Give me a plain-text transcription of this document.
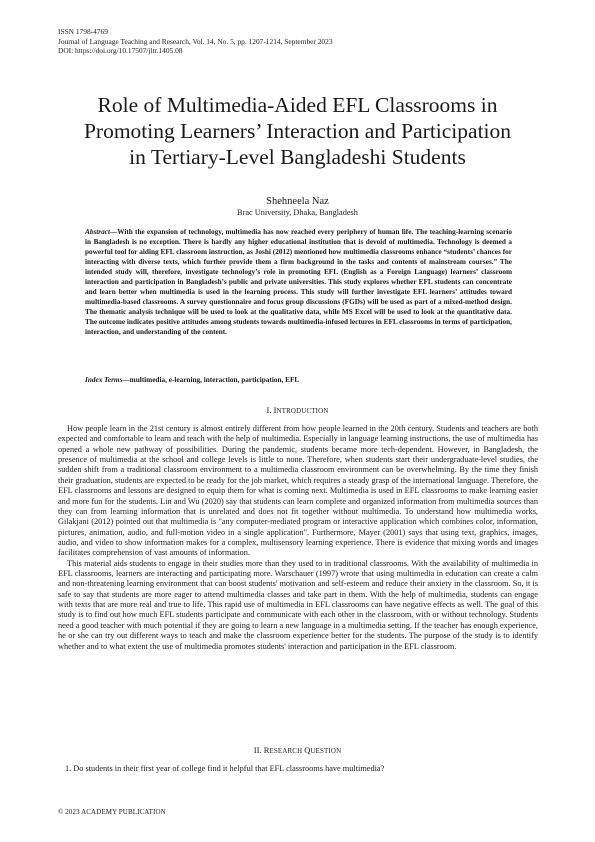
ISSN 1798-4769
Journal of Language Teaching and Research, Vol. 14, No. 5, pp. 1207-1214, September 2023
DOI: https://doi.org/10.17507/jltr.1405.08
Role of Multimedia-Aided EFL Classrooms in
Promoting Learners’ Interaction and Participation
in Tertiary-Level Bangladeshi Students
Shehneela Naz
Brac University, Dhaka, Bangladesh

Abstract—With the expansion of technology, multimedia has now reached every periphery of human life. The teaching-learning scenario in Bangladesh is no exception. There is hardly any higher educational institution that is devoid of multimedia. Technology is deemed a powerful tool for aiding EFL classroom instruction, as Joshi (2012) mentioned how multimedia classrooms enhance “students’ chances for interacting with diverse texts, which further provide them a firm background in the tasks and contents of mainstream courses.” The intended study will, therefore, investigate technology’s role in promoting EFL (English as a Foreign Language) learners’ classroom interaction and participation in Bangladesh’s public and private universities. This study explores whether EFL students can concentrate and learn better when multimedia is used in the learning process. This study will further investigate EFL learners’ attitudes toward multimedia-based classrooms. A survey questionnaire and focus group discussions (FGDs) will be used as part of a mixed-method design. The thematic analysis technique will be used to look at the qualitative data, while MS Excel will be used to look at the quantitative data. The outcome indicates positive attitudes among students towards multimedia-infused lectures in EFL classrooms in terms of participation, interaction, and understanding of the content.

Index Terms—multimedia, e-learning, interaction, participation, EFL

I. INTRODUCTION

How people learn in the 21st century is almost entirely different from how people learned in the 20th century. Students and teachers are both expected and comfortable to learn and teach with the help of multimedia. Especially in language learning instructions, the use of multimedia has opened a whole new pathway of possibilities. During the pandemic, students became more tech-dependent. However, in Bangladesh, the presence of multimedia at the school and college levels is little to none. Therefore, when students start their undergraduate-level studies, the sudden shift from a traditional classroom environment to a multimedia classroom environment can be overwhelming. By the time they finish their graduation, students are expected to be ready for the job market, which requires a steady grasp of the international language. Therefore, the EFL classrooms and lessons are designed to equip them for what is coming next. Multimedia is used in EFL classrooms to make learning easier and more fun for the students. Lin and Wu (2020) say that students can learn complete and organized information from multimedia sources than they can from learning information that is unrelated and does not fit together without multimedia. To understand how multimedia works, Gilakjani (2012) pointed out that multimedia is "any computer-mediated program or interactive application which combines color, information, pictures, animation, audio, and full-motion video in a single application". Furthermore, Mayer (2001) says that using text, graphics, images, audio, and video to show information makes for a complex, multisensory learning experience. There is evidence that mixing words and images facilitates comprehension of vast amounts of information.

This material aids students to engage in their studies more than they used to in traditional classrooms. With the availability of multimedia in EFL classrooms, learners are interacting and participating more. Warschauer (1997) wrote that using multimedia in education can create a calm and non-threatening learning environment that can boost students' motivation and self-esteem and reduce their anxiety in the classroom. So, it is safe to say that students are more eager to attend multimedia classes and take part in them. With the help of multimedia, students can engage with texts that are more real and true to life. This rapid use of multimedia in EFL classrooms can have negative effects as well. The goal of this study is to find out how much EFL students participate and communicate with each other in the classroom, with or without technology. Students need a good teacher with much potential if they are going to learn a new language in a multimedia setting. If the teacher has enough experience, he or she can try out different ways to teach and make the classroom experience better for the students. The purpose of the study is to identify whether and to what extent the use of multimedia promotes students' interaction and participation in the EFL classroom.

II. RESEARCH QUESTION

1. Do students in their first year of college find it helpful that EFL classrooms have multimedia?

© 2023 ACADEMY PUBLICATION
